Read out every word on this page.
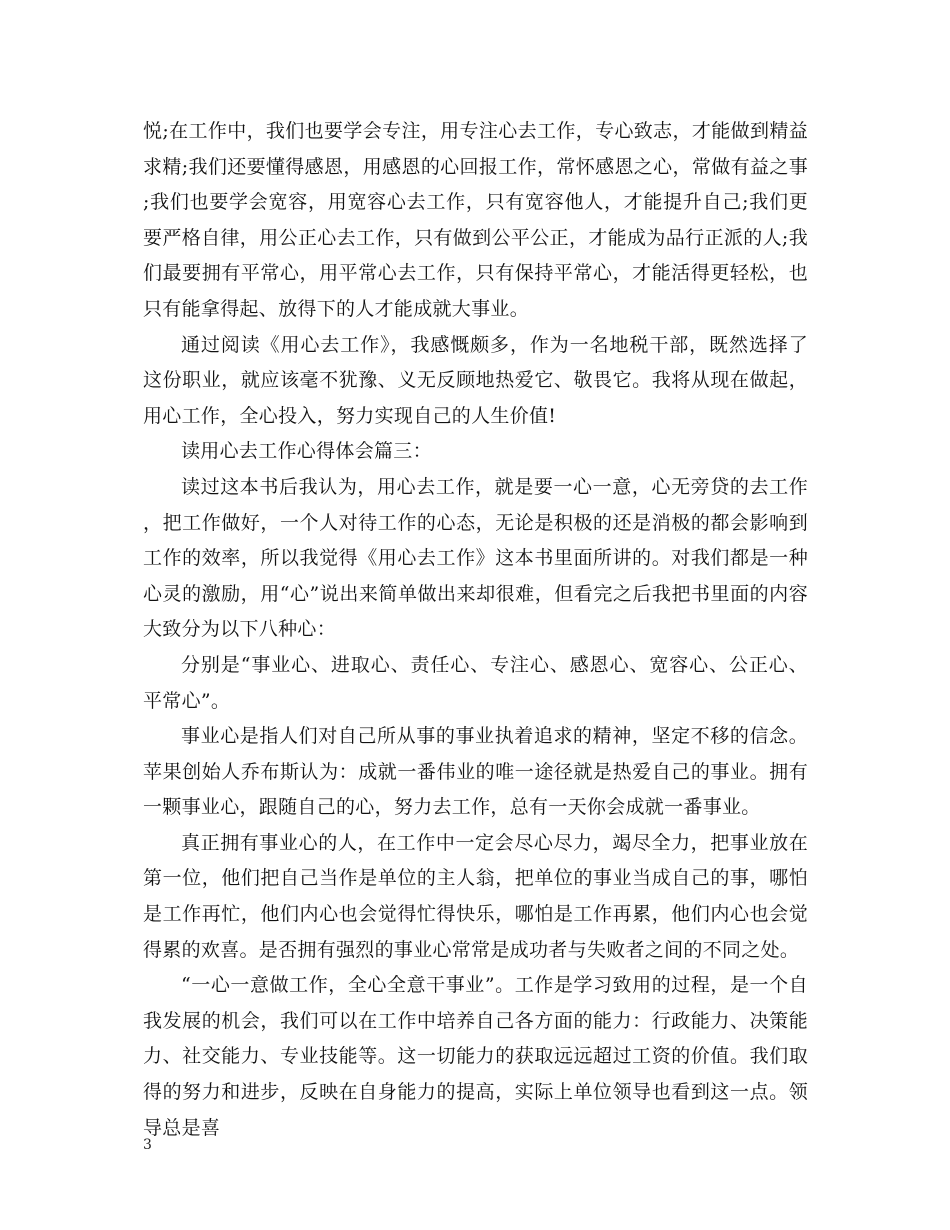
悦;在工作中，我们也要学会专注，用专注心去工作，专心致志，才能做到精益求精;我们还要懂得感恩，用感恩的心回报工作，常怀感恩之心，常做有益之事;我们也要学会宽容，用宽容心去工作，只有宽容他人，才能提升自己;我们更要严格自律，用公正心去工作，只有做到公平公正，才能成为品行正派的人;我们最要拥有平常心，用平常心去工作，只有保持平常心，才能活得更轻松，也只有能拿得起、放得下的人才能成就大事业。

通过阅读《用心去工作》，我感慨颇多，作为一名地税干部，既然选择了这份职业，就应该毫不犹豫、义无反顾地热爱它、敬畏它。我将从现在做起，用心工作，全心投入，努力实现自己的人生价值!

读用心去工作心得体会篇三：

读过这本书后我认为，用心去工作，就是要一心一意，心无旁贷的去工作，把工作做好，一个人对待工作的心态，无论是积极的还是消极的都会影响到工作的效率，所以我觉得《用心去工作》这本书里面所讲的。对我们都是一种心灵的激励，用“心”说出来简单做出来却很难，但看完之后我把书里面的内容大致分为以下八种心：

分别是“事业心、进取心、责任心、专注心、感恩心、宽容心、公正心、平常心”。

事业心是指人们对自己所从事的事业执着追求的精神，坚定不移的信念。苹果创始人乔布斯认为：成就一番伟业的唯一途径就是热爱自己的事业。拥有一颗事业心，跟随自己的心，努力去工作，总有一天你会成就一番事业。

真正拥有事业心的人，在工作中一定会尽心尽力，竭尽全力，把事业放在第一位，他们把自己当作是单位的主人翁，把单位的事业当成自己的事，哪怕是工作再忙，他们内心也会觉得忙得快乐，哪怕是工作再累，他们内心也会觉得累的欢喜。是否拥有强烈的事业心常常是成功者与失败者之间的不同之处。

“一心一意做工作，全心全意干事业”。工作是学习致用的过程，是一个自我发展的机会，我们可以在工作中培养自己各方面的能力：行政能力、决策能力、社交能力、专业技能等。这一切能力的获取远远超过工资的价值。我们取得的努力和进步，反映在自身能力的提高，实际上单位领导也看到这一点。领导总是喜

3
